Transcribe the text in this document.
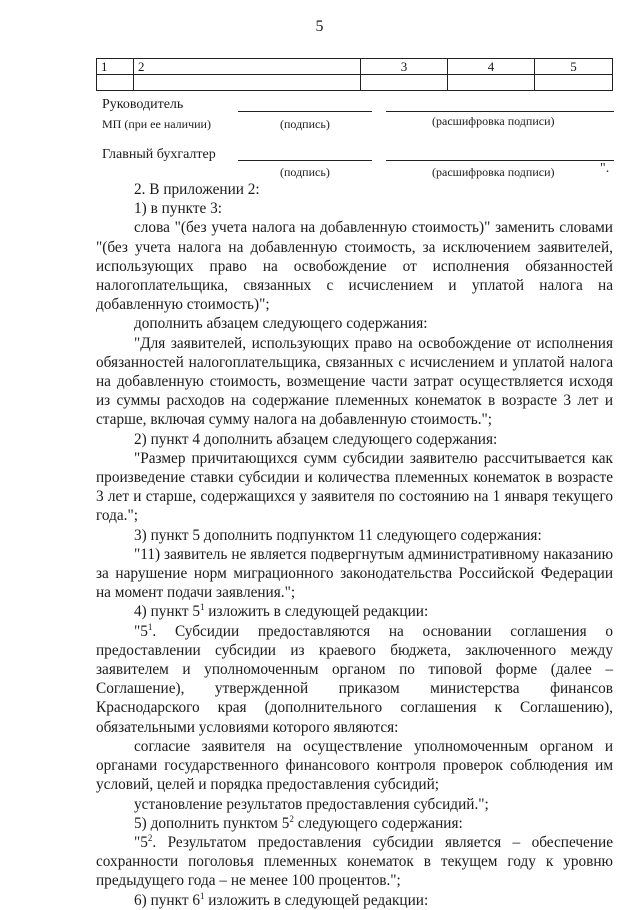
5
1	2	3	4	5

Руководитель
МП (при ее наличии)	(подпись)	(расшифровка подписи)
Главный бухгалтер
(подпись)	(расшифровка подписи)	".

2. В приложении 2:

1) в пункте 3:

слова "(без учета налога на добавленную стоимость)" заменить словами "(без учета налога на добавленную стоимость, за исключением заявителей, использующих право на освобождение от исполнения обязанностей налогоплательщика, связанных с исчислением и уплатой налога на добавленную стоимость)";

дополнить абзацем следующего содержания:

"Для заявителей, использующих право на освобождение от исполнения обязанностей налогоплательщика, связанных с исчислением и уплатой налога на добавленную стоимость, возмещение части затрат осуществляется исходя из суммы расходов на содержание племенных конематок в возрасте 3 лет и старше, включая сумму налога на добавленную стоимость.";

2) пункт 4 дополнить абзацем следующего содержания:

"Размер причитающихся сумм субсидии заявителю рассчитывается как произведение ставки субсидии и количества племенных конематок в возрасте 3 лет и старше, содержащихся у заявителя по состоянию на 1 января текущего года.";

3) пункт 5 дополнить подпунктом 11 следующего содержания:

"11) заявитель не является подвергнутым административному наказанию за нарушение норм миграционного законодательства Российской Федерации на момент подачи заявления.";

4) пункт $5^1$ изложить в следующей редакции:

"$5^1$. Субсидии предоставляются на основании соглашения о предоставлении субсидии из краевого бюджета, заключенного между заявителем и уполномоченным органом по типовой форме (далее – Соглашение), утвержденной приказом министерства финансов Краснодарского края (дополнительного соглашения к Соглашению), обязательными условиями которого являются:

согласие заявителя на осуществление уполномоченным органом и органами государственного финансового контроля проверок соблюдения им условий, целей и порядка предоставления субсидий;

установление результатов предоставления субсидий.";

5) дополнить пунктом $5^2$ следующего содержания:

"$5^2$. Результатом предоставления субсидии является – обеспечение сохранности поголовья племенных конематок в текущем году к уровню предыдущего года – не менее 100 процентов.";

6) пункт $6^1$ изложить в следующей редакции:
